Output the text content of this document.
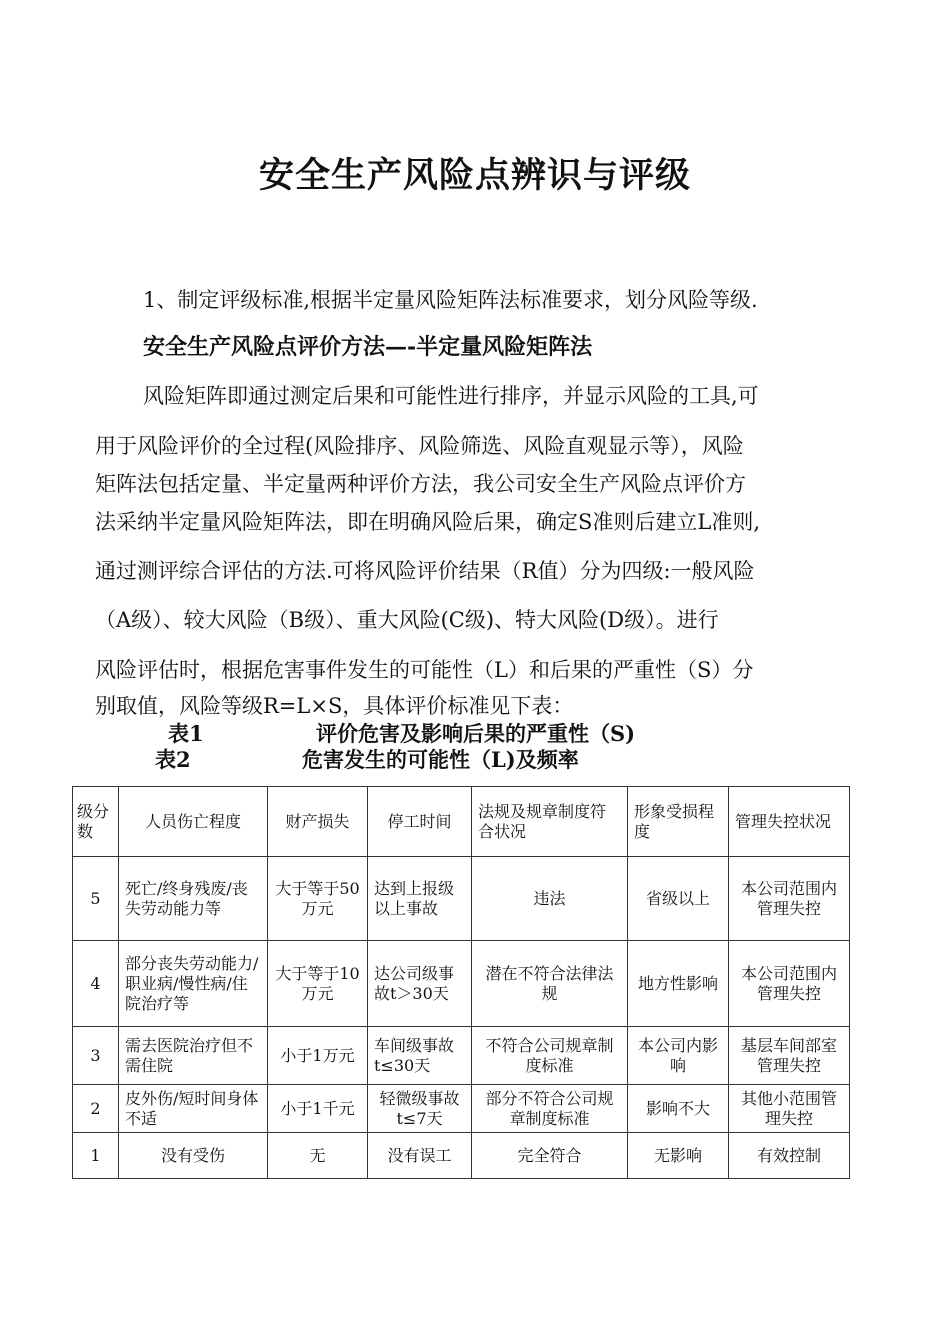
安全生产风险点辨识与评级
1、制定评级标准,根据半定量风险矩阵法标准要求，划分风险等级.
安全生产风险点评价方法—-半定量风险矩阵法
风险矩阵即通过测定后果和可能性进行排序，并显示风险的工具,可
用于风险评价的全过程(风险排序、风险筛选、风险直观显示等），风险
矩阵法包括定量、半定量两种评价方法，我公司安全生产风险点评价方
法采纳半定量风险矩阵法，即在明确风险后果，确定S准则后建立L准则,
通过测评综合评估的方法.可将风险评价结果（R值）分为四级:一般风险
（A级）、较大风险（B级）、重大风险(C级)、特大风险(D级）。进行
风险评估时，根据危害事件发生的可能性（L）和后果的严重性（S）分
别取值，风险等级R=L×S，具体评价标准见下表：
表1	评价危害及影响后果的严重性（S)
表2	危害发生的可能性（L)及频率
级分数	人员伤亡程度	财产损失	停工时间	法规及规章制度符合状况	形象受损程度	管理失控状况
5	死亡/终身残废/丧失劳动能力等	大于等于50万元	达到上报级以上事故	违法	省级以上	本公司范围内管理失控
4	部分丧失劳动能力/职业病/慢性病/住院治疗等	大于等于10万元	达公司级事故t＞30天	潜在不符合法律法规	地方性影响	本公司范围内管理失控
3	需去医院治疗但不需住院	小于1万元	车间级事故t≤30天	不符合公司规章制度标准	本公司内影响	基层车间部室管理失控
2	皮外伤/短时间身体不适	小于1千元	轻微级事故t≤7天	部分不符合公司规章制度标准	影响不大	其他小范围管理失控
1	没有受伤	无	没有误工	完全符合	无影响	有效控制
